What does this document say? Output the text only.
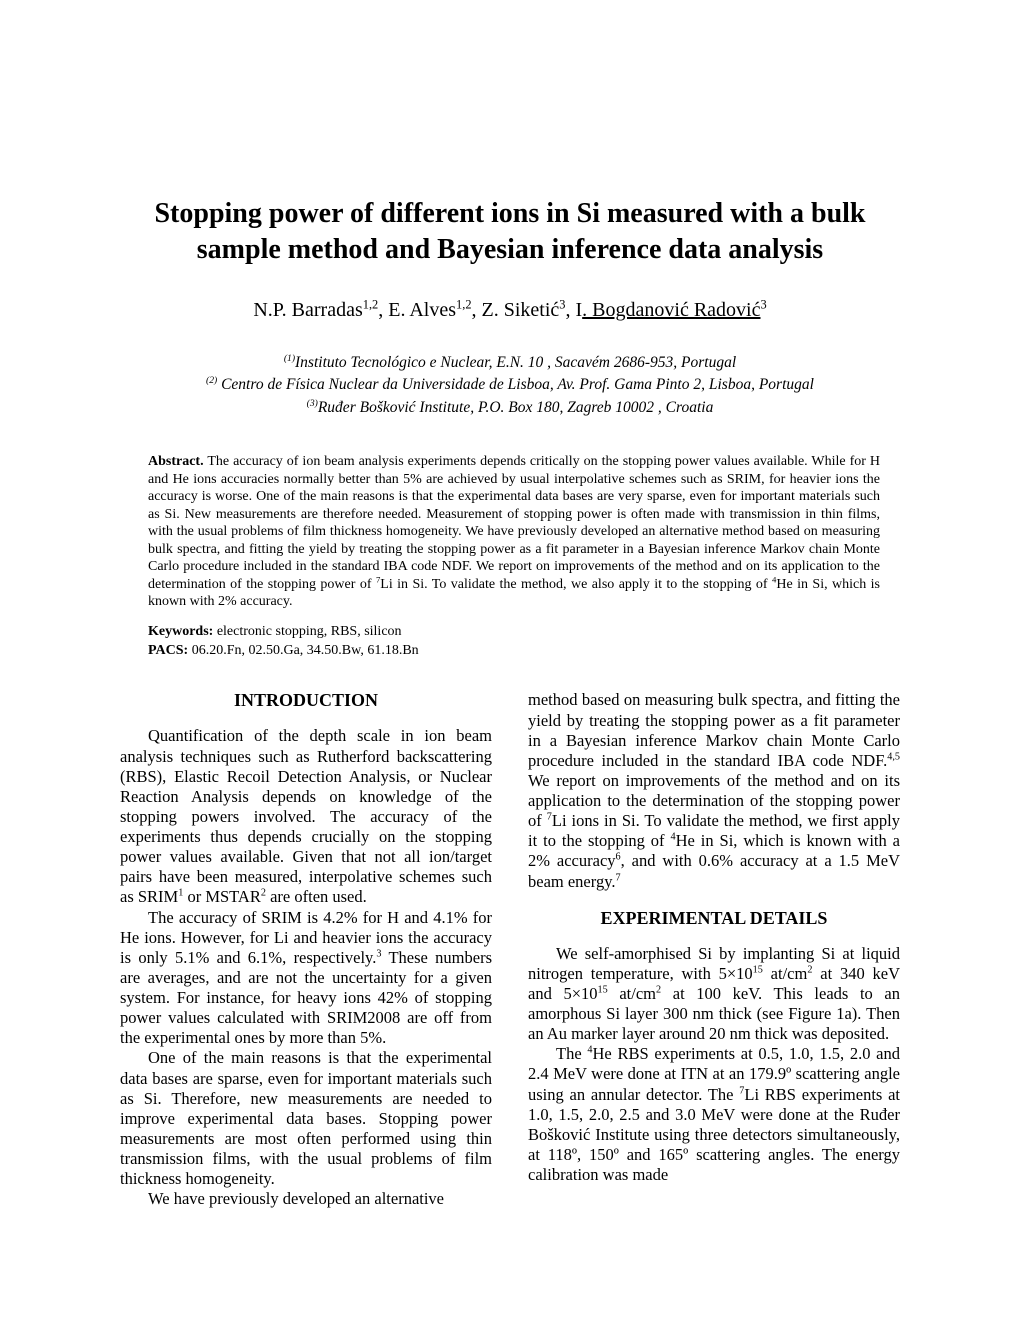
Stopping power of different ions in Si measured with a bulk sample method and Bayesian inference data analysis
N.P. Barradas$^{1,2}$, E. Alves$^{1,2}$, Z. Siketić$^3$, I. Bogdanović Radović$^3$
$^{(1)}$Instituto Tecnológico e Nuclear, E.N. 10 , Sacavém 2686-953, Portugal
$^{(2)}$ Centro de Física Nuclear da Universidade de Lisboa, Av. Prof. Gama Pinto 2, Lisboa, Portugal
$^{(3)}$Ruđer Bošković Institute, P.O. Box 180, Zagreb 10002 , Croatia
Abstract. The accuracy of ion beam analysis experiments depends critically on the stopping power values available. While for H and He ions accuracies normally better than 5% are achieved by usual interpolative schemes such as SRIM, for heavier ions the accuracy is worse. One of the main reasons is that the experimental data bases are very sparse, even for important materials such as Si. New measurements are therefore needed. Measurement of stopping power is often made with transmission in thin films, with the usual problems of film thickness homogeneity. We have previously developed an alternative method based on measuring bulk spectra, and fitting the yield by treating the stopping power as a fit parameter in a Bayesian inference Markov chain Monte Carlo procedure included in the standard IBA code NDF. We report on improvements of the method and on its application to the determination of the stopping power of $^7$Li in Si. To validate the method, we also apply it to the stopping of $^4$He in Si, which is known with 2% accuracy.
Keywords: electronic stopping, RBS, silicon
PACS: 06.20.Fn, 02.50.Ga, 34.50.Bw, 61.18.Bn
INTRODUCTION

Quantification of the depth scale in ion beam analysis techniques such as Rutherford backscattering (RBS), Elastic Recoil Detection Analysis, or Nuclear Reaction Analysis depends on knowledge of the stopping powers involved. The accuracy of the experiments thus depends crucially on the stopping power values available. Given that not all ion/target pairs have been measured, interpolative schemes such as SRIM$^1$ or MSTAR$^2$ are often used.

The accuracy of SRIM is 4.2% for H and 4.1% for He ions. However, for Li and heavier ions the accuracy is only 5.1% and 6.1%, respectively.$^3$ These numbers are averages, and are not the uncertainty for a given system. For instance, for heavy ions 42% of stopping power values calculated with SRIM2008 are off from the experimental ones by more than 5%.

One of the main reasons is that the experimental data bases are sparse, even for important materials such as Si. Therefore, new measurements are needed to improve experimental data bases. Stopping power measurements are most often performed using thin transmission films, with the usual problems of film thickness homogeneity.

We have previously developed an alternative

method based on measuring bulk spectra, and fitting the yield by treating the stopping power as a fit parameter in a Bayesian inference Markov chain Monte Carlo procedure included in the standard IBA code NDF.$^{4,5}$ We report on improvements of the method and on its application to the determination of the stopping power of $^7$Li ions in Si. To validate the method, we first apply it to the stopping of $^4$He in Si, which is known with a 2% accuracy$^6$, and with 0.6% accuracy at a 1.5 MeV beam energy.$^7$

EXPERIMENTAL DETAILS

We self-amorphised Si by implanting Si at liquid nitrogen temperature, with $5\times 10^{15}$ $at/cm^2$ at 340 keV and $5\times 10^{15}$ $at/cm^2$ at 100 keV. This leads to an amorphous Si layer 300 nm thick (see Figure 1a). Then an Au marker layer around 20 nm thick was deposited.

The $^4$He RBS experiments at 0.5, 1.0, 1.5, 2.0 and 2.4 MeV were done at ITN at an 179.9º scattering angle using an annular detector. The $^7$Li RBS experiments at 1.0, 1.5, 2.0, 2.5 and 3.0 MeV were done at the Ruđer Bošković Institute using three detectors simultaneously, at 118º, 150º and 165º scattering angles. The energy calibration was made
